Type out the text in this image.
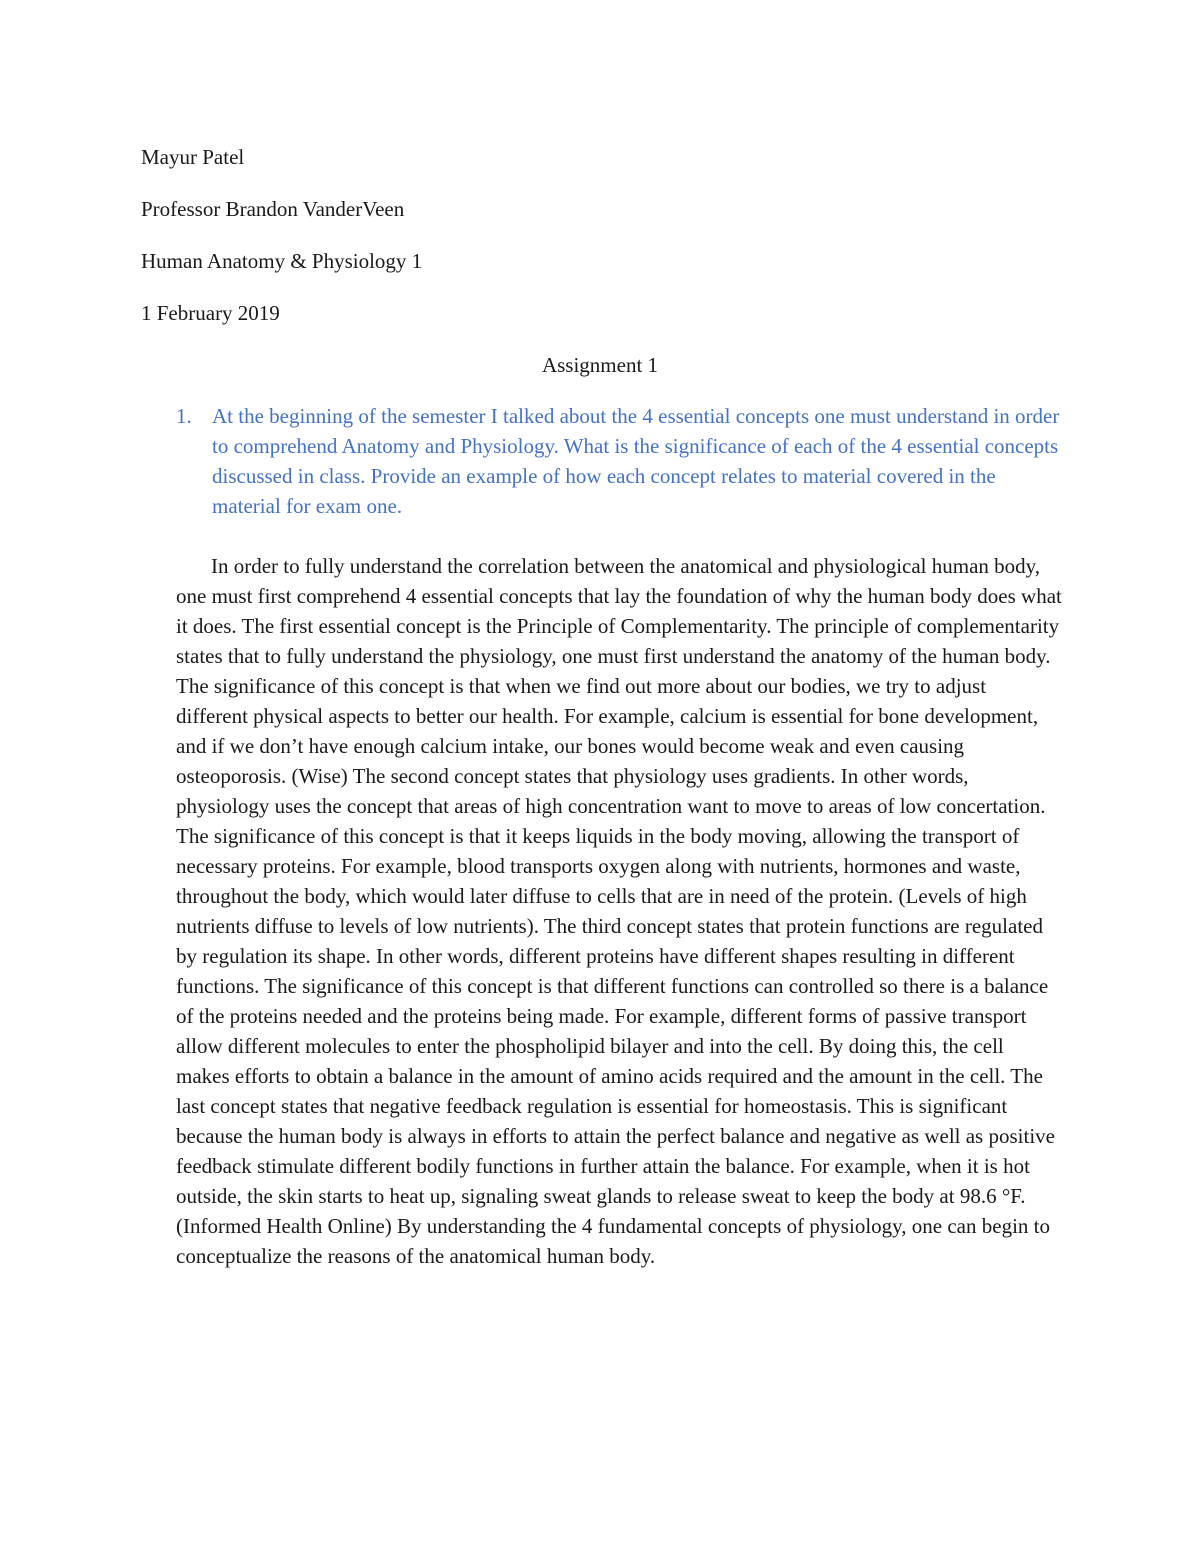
Mayur Patel

Professor Brandon VanderVeen

Human Anatomy & Physiology 1

1 February 2019

Assignment 1

1. At the beginning of the semester I talked about the 4 essential concepts one must understand in order to comprehend Anatomy and Physiology. What is the significance of each of the 4 essential concepts discussed in class. Provide an example of how each concept relates to material covered in the material for exam one.

In order to fully understand the correlation between the anatomical and physiological human body, one must first comprehend 4 essential concepts that lay the foundation of why the human body does what it does. The first essential concept is the Principle of Complementarity. The principle of complementarity states that to fully understand the physiology, one must first understand the anatomy of the human body. The significance of this concept is that when we find out more about our bodies, we try to adjust different physical aspects to better our health. For example, calcium is essential for bone development, and if we don’t have enough calcium intake, our bones would become weak and even causing osteoporosis. (Wise) The second concept states that physiology uses gradients. In other words, physiology uses the concept that areas of high concentration want to move to areas of low concertation. The significance of this concept is that it keeps liquids in the body moving, allowing the transport of necessary proteins. For example, blood transports oxygen along with nutrients, hormones and waste, throughout the body, which would later diffuse to cells that are in need of the protein. (Levels of high nutrients diffuse to levels of low nutrients). The third concept states that protein functions are regulated by regulation its shape. In other words, different proteins have different shapes resulting in different functions. The significance of this concept is that different functions can controlled so there is a balance of the proteins needed and the proteins being made. For example, different forms of passive transport allow different molecules to enter the phospholipid bilayer and into the cell. By doing this, the cell makes efforts to obtain a balance in the amount of amino acids required and the amount in the cell. The last concept states that negative feedback regulation is essential for homeostasis. This is significant because the human body is always in efforts to attain the perfect balance and negative as well as positive feedback stimulate different bodily functions in further attain the balance. For example, when it is hot outside, the skin starts to heat up, signaling sweat glands to release sweat to keep the body at 98.6 °F. (Informed Health Online) By understanding the 4 fundamental concepts of physiology, one can begin to conceptualize the reasons of the anatomical human body.
